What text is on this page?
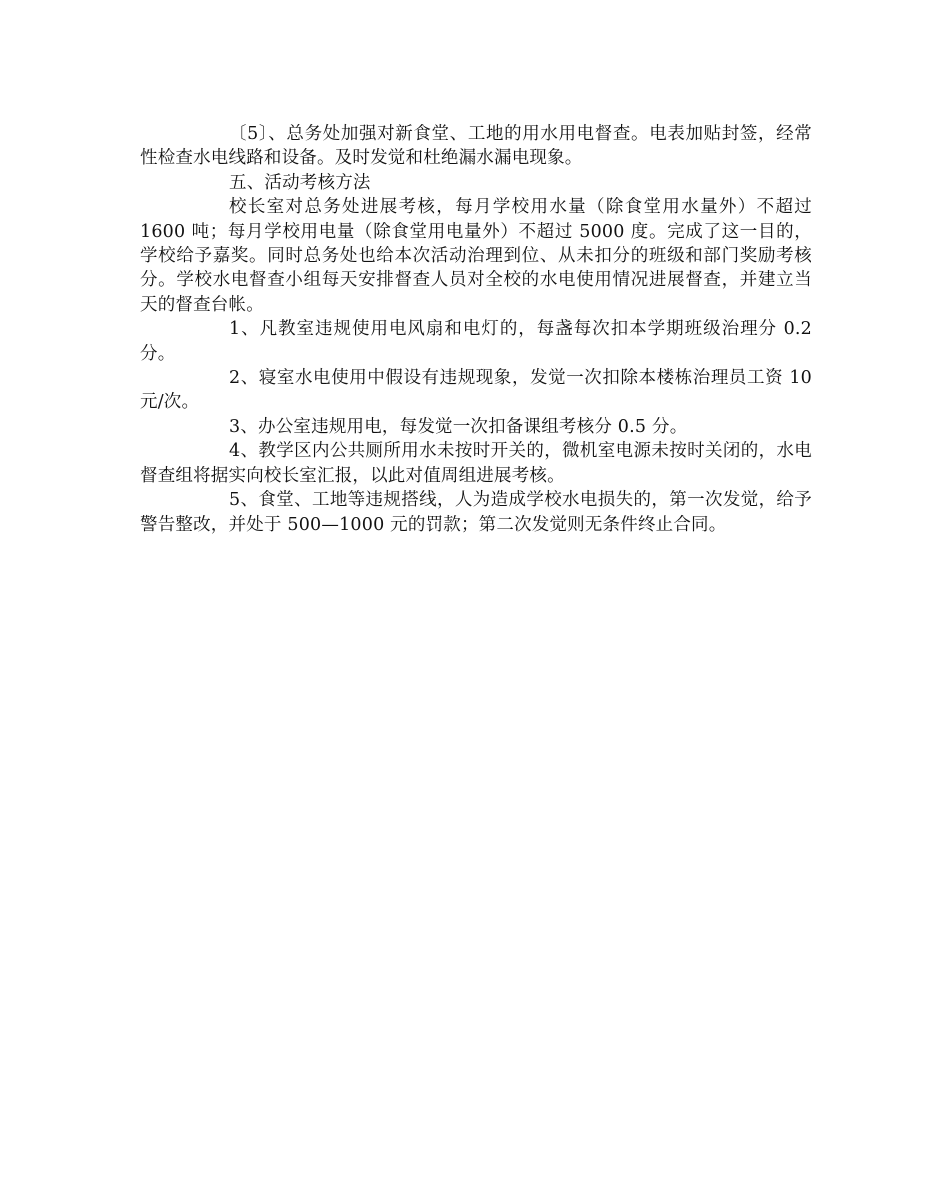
〔5〕、总务处加强对新食堂、工地的用水用电督查。电表加贴封签，经常性检查水电线路和设备。及时发觉和杜绝漏水漏电现象。

五、活动考核方法

校长室对总务处进展考核，每月学校用水量（除食堂用水量外）不超过 1600 吨；每月学校用电量（除食堂用电量外）不超过 5000 度。完成了这一目的，学校给予嘉奖。同时总务处也给本次活动治理到位、从未扣分的班级和部门奖励考核分。学校水电督查小组每天安排督查人员对全校的水电使用情况进展督查，并建立当天的督查台帐。

1、凡教室违规使用电风扇和电灯的，每盏每次扣本学期班级治理分 0.2 分。

2、寝室水电使用中假设有违规现象，发觉一次扣除本楼栋治理员工资 10 元/次。

3、办公室违规用电，每发觉一次扣备课组考核分 0.5 分。

4、教学区内公共厕所用水未按时开关的，微机室电源未按时关闭的，水电督查组将据实向校长室汇报，以此对值周组进展考核。

5、食堂、工地等违规搭线，人为造成学校水电损失的，第一次发觉，给予警告整改，并处于 500—1000 元的罚款；第二次发觉则无条件终止合同。
